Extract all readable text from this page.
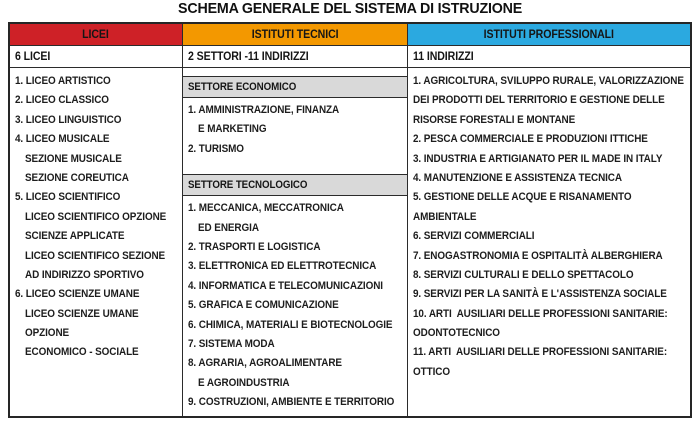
SCHEMA GENERALE DEL SISTEMA DI ISTRUZIONE
LICEI
6 LICEI
1. LICEO ARTISTICO
2. LICEO CLASSICO
3. LICEO LINGUISTICO
4. LICEO MUSICALE
SEZIONE MUSICALE
SEZIONE COREUTICA
5. LICEO SCIENTIFICO
LICEO SCIENTIFICO OPZIONE
SCIENZE APPLICATE
LICEO SCIENTIFICO SEZIONE
AD INDIRIZZO SPORTIVO
6. LICEO SCIENZE UMANE
LICEO SCIENZE UMANE
OPZIONE
ECONOMICO - SOCIALE
ISTITUTI TECNICI
2 SETTORI -11 INDIRIZZI
SETTORE ECONOMICO
1. AMMINISTRAZIONE, FINANZA
E MARKETING
2. TURISMO
SETTORE TECNOLOGICO
1. MECCANICA, MECCATRONICA
ED ENERGIA
2. TRASPORTI E LOGISTICA
3. ELETTRONICA ED ELETTROTECNICA
4. INFORMATICA E TELECOMUNICAZIONI
5. GRAFICA E COMUNICAZIONE
6. CHIMICA, MATERIALI E BIOTECNOLOGIE
7. SISTEMA MODA
8. AGRARIA, AGROALIMENTARE
E AGROINDUSTRIA
9. COSTRUZIONI, AMBIENTE E TERRITORIO
ISTITUTI PROFESSIONALI
11 INDIRIZZI
1. AGRICOLTURA, SVILUPPO RURALE, VALORIZZAZIONE
DEI PRODOTTI DEL TERRITORIO E GESTIONE DELLE
RISORSE FORESTALI E MONTANE
2. PESCA COMMERCIALE E PRODUZIONI ITTICHE
3. INDUSTRIA E ARTIGIANATO PER IL MADE IN ITALY
4. MANUTENZIONE E ASSISTENZA TECNICA
5. GESTIONE DELLE ACQUE E RISANAMENTO
AMBIENTALE
6. SERVIZI COMMERCIALI
7. ENOGASTRONOMIA E OSPITALITÀ ALBERGHIERA
8. SERVIZI CULTURALI E DELLO SPETTACOLO
9. SERVIZI PER LA SANITÀ E L'ASSISTENZA SOCIALE
10. ARTI  AUSILIARI DELLE PROFESSIONI SANITARIE:
ODONTOTECNICO
11. ARTI  AUSILIARI DELLE PROFESSIONI SANITARIE:
OTTICO
